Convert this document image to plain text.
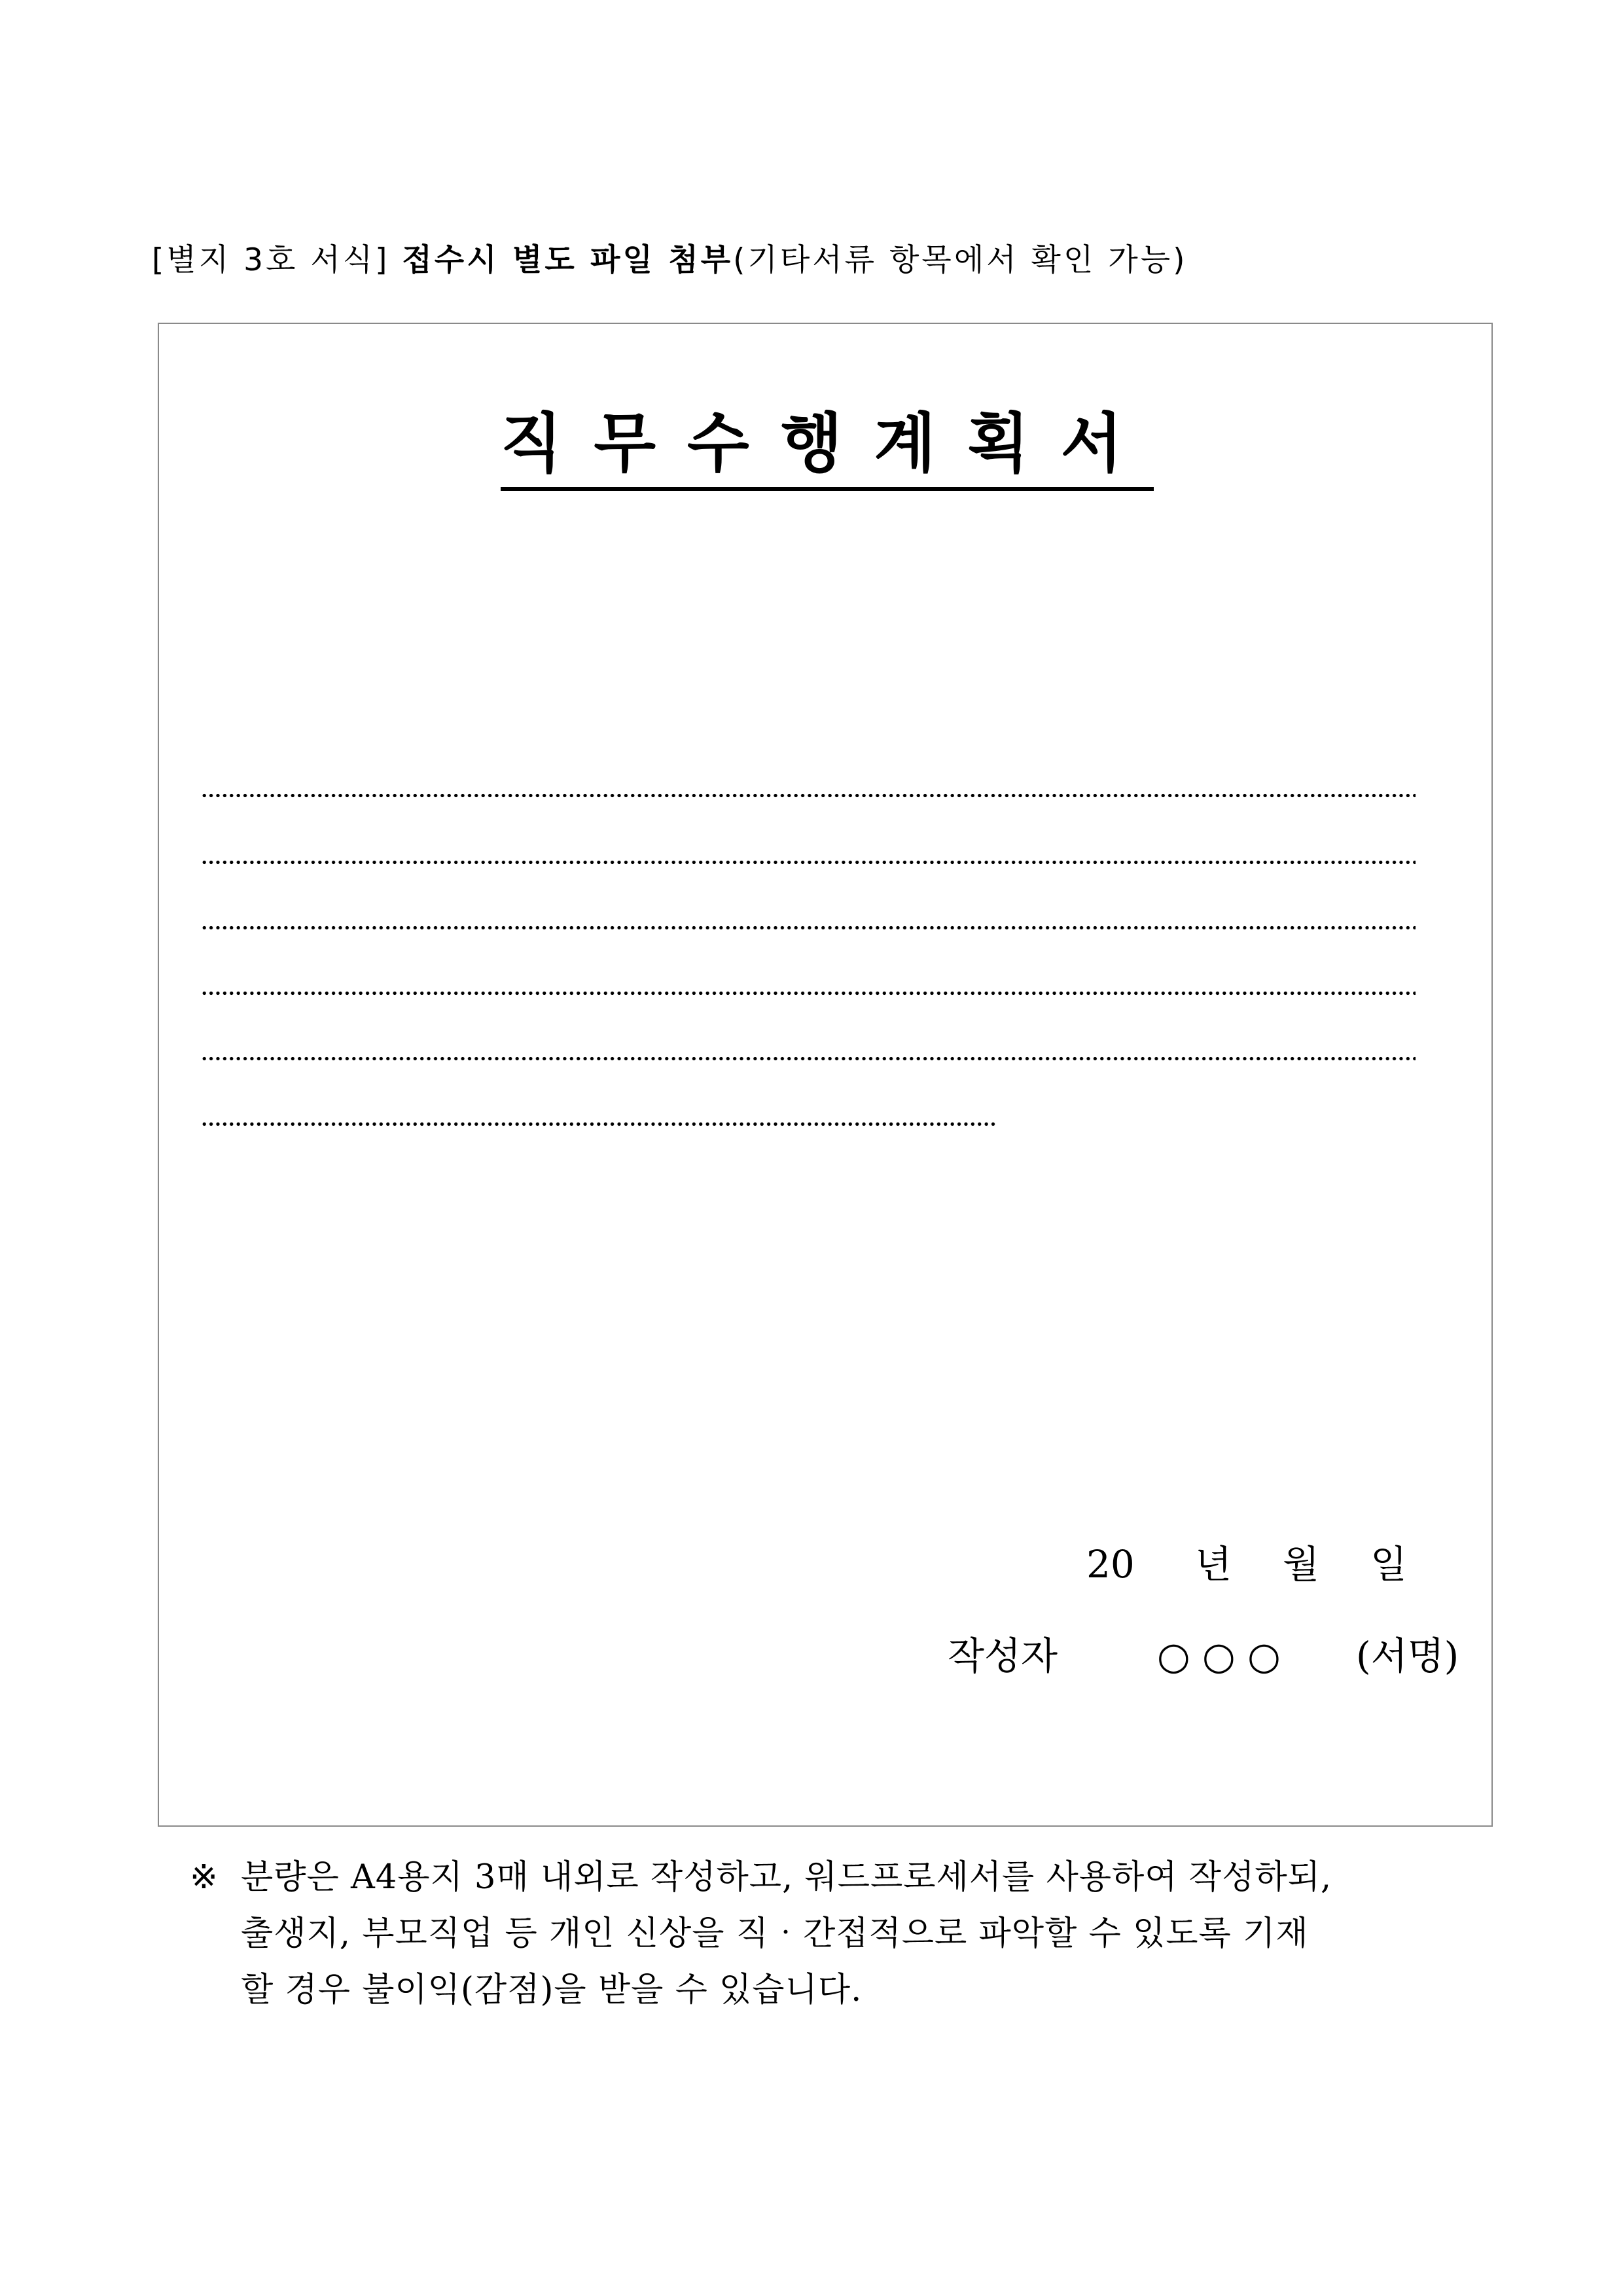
[별지 3호 서식] 접수시 별도 파일 첨부(기타서류 항목에서 확인 가능)
직무수행계획서
20 년 월 일
작성자	○ ○ ○ (서명)
※ 분량은 A4용지 3매 내외로 작성하고, 워드프로세서를 사용하여 작성하되,
출생지, 부모직업 등 개인 신상을 직‧간접적으로 파악할 수 있도록 기재
할 경우 불이익(감점)을 받을 수 있습니다.
